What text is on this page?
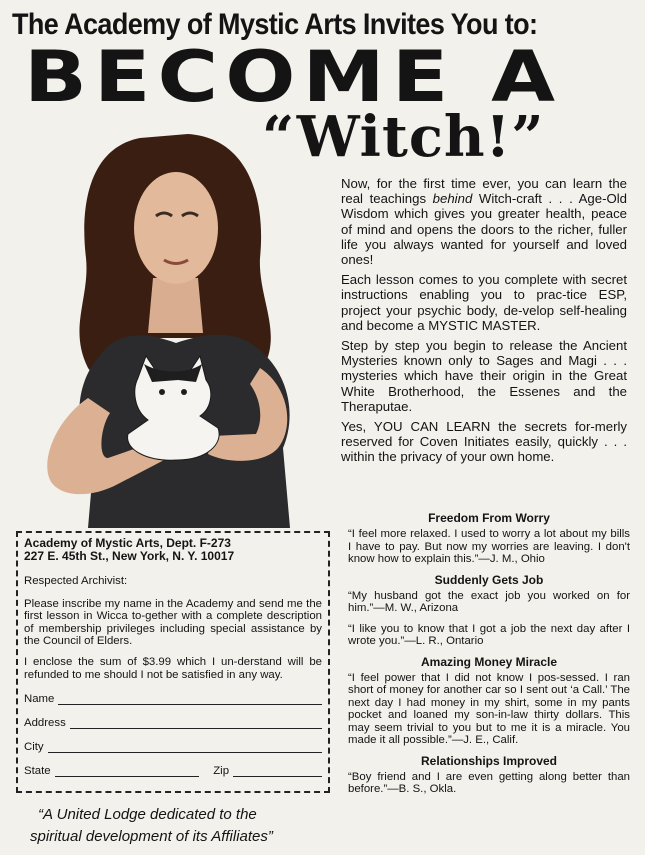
The Academy of Mystic Arts Invites You to:
BECOME A
“Witch!”

Now, for the first time ever, you can learn the real teachings behind Witch-craft . . . Age-Old Wisdom which gives you greater health, peace of mind and opens the doors to the richer, fuller life you always wanted for yourself and loved ones!

Each lesson comes to you complete with secret instructions enabling you to prac-tice ESP, project your psychic body, de-velop self-healing and become a MYSTIC MASTER.

Step by step you begin to release the Ancient Mysteries known only to Sages and Magi . . . mysteries which have their origin in the Great White Brotherhood, the Essenes and the Theraputae.

Yes, YOU CAN LEARN the secrets for-merly reserved for Coven Initiates easily, quickly . . . within the privacy of your own home.

Freedom From Worry

“I feel more relaxed. I used to worry a lot about my bills I have to pay. But now my worries are leaving. I don't know how to explain this.”—J. M., Ohio

Suddenly Gets Job

“My husband got the exact job you worked on for him.”—M. W., Arizona

“I like you to know that I got a job the next day after I wrote you.”—L. R., Ontario

Amazing Money Miracle

“I feel power that I did not know I pos-sessed. I ran short of money for another car so I sent out ‘a Call.’ The next day I had money in my shirt, some in my pants pocket and loaned my son-in-law thirty dollars. This may seem trivial to you but to me it is a miracle. You made it all possible.”—J. E., Calif.

Relationships Improved

“Boy friend and I are even getting along better than before.”—B. S., Okla.

Academy of Mystic Arts, Dept. F-273
227 E. 45th St., New York, N. Y. 10017
Respected Archivist:
Please inscribe my name in the Academy and send me the first lesson in Wicca to-gether with a complete description of membership privileges including special assistance by the Council of Elders.
I enclose the sum of $3.99 which I un-derstand will be refunded to me should I not be satisfied in any way.
Name
Address
City
State	Zip
“A United Lodge dedicated to the
spiritual development of its Affiliates”
